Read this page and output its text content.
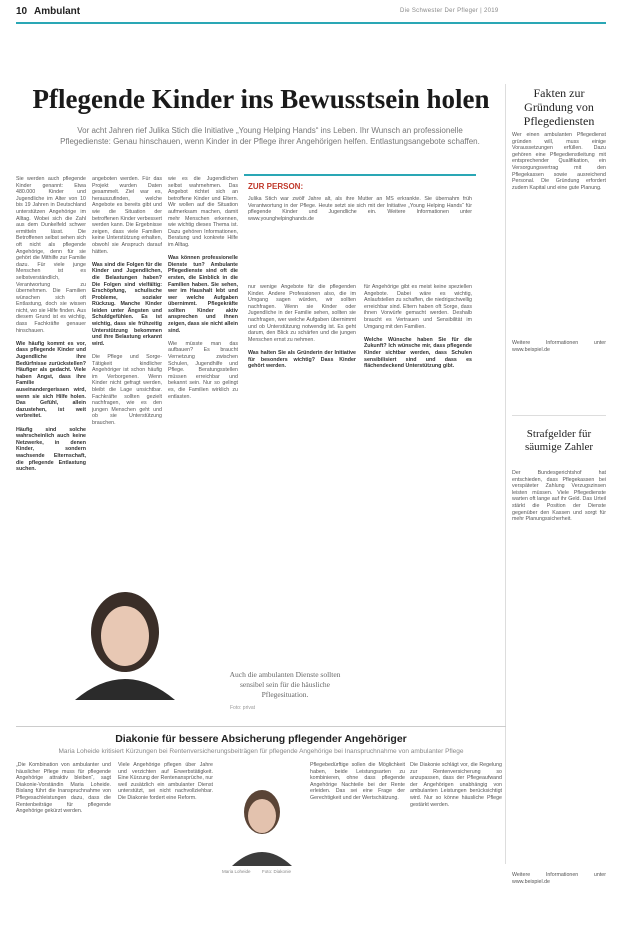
10 Ambulant	Die Schwester Der Pfleger | 2019
Pflegende Kinder ins Bewusstsein holen
Vor acht Jahren rief Julika Stich die Initiative „Young Helping Hands“ ins Leben. Ihr Wunsch an professionelle Pflegedienste: Genau hinschauen, wenn Kinder in der Pflege ihrer Angehörigen helfen. Entlastungsangebote schaffen.
Sie werden auch pflegende Kinder genannt: Etwa 480.000 Kinder und Jugendliche im Alter von 10 bis 19 Jahren in Deutschland unterstützen Angehörige im Alltag. Wobei sich die Zahl aus dem Dunkelfeld schwer ermitteln lässt. Die Betroffenen selbst sehen sich oft nicht als pflegende Angehörige, denn für sie gehört die Mithilfe zur Familie dazu. Für viele junge Menschen ist es selbstverständlich, Verantwortung zu übernehmen. Die Familien wünschen sich oft Entlastung, doch sie wissen nicht, wo sie Hilfe finden. Aus diesem Grund ist es wichtig, dass Fachkräfte genauer hinschauen.

Wie häufig kommt es vor, dass pflegende Kinder und Jugendliche ihre Bedürfnisse zurückstellen? Häufiger als gedacht. Viele haben Angst, dass ihre Familie auseinandergerissen wird, wenn sie sich Hilfe holen. Das Gefühl, allein dazustehen, ist weit verbreitet.

Häufig sind solche wahrscheinlich auch keine Netzwerke, in denen Kinder, sondern wachsende Elternschaft, die pflegende Entlastung suchen.
angeboten werden. Für das Projekt wurden Daten gesammelt. Ziel war es, herauszufinden, welche Angebote es bereits gibt und wie die Situation der betroffenen Kinder verbessert werden kann. Die Ergebnisse zeigen, dass viele Familien keine Unterstützung erhalten, obwohl sie Anspruch darauf hätten.

Was sind die Folgen für die Kinder und Jugendlichen, die Belastungen haben? Die Folgen sind vielfältig: Erschöpfung, schulische Probleme, sozialer Rückzug. Manche Kinder leiden unter Ängsten und Schuldgefühlen. Es ist wichtig, dass sie frühzeitig Unterstützung bekommen und ihre Belastung erkannt wird.

Die Pflege und Sorge-Tätigkeit kindlicher Angehöriger ist schon häufig im Verborgenen. Wenn Kinder nicht gefragt werden, bleibt die Lage unsichtbar. Fachkräfte sollten gezielt nachfragen, wie es den jungen Menschen geht und ob sie Unterstützung brauchen.
wie es die Jugendlichen selbst wahrnehmen. Das Angebot richtet sich an betroffene Kinder und Eltern. Wir wollen auf die Situation aufmerksam machen, damit mehr Menschen erkennen, wie wichtig dieses Thema ist. Dazu gehören Informationen, Beratung und konkrete Hilfe im Alltag.

Was können professionelle Dienste tun? Ambulante Pflegedienste sind oft die ersten, die Einblick in die Familien haben. Sie sehen, wer im Haushalt lebt und wer welche Aufgaben übernimmt. Pflegekräfte sollten Kinder aktiv ansprechen und ihnen zeigen, dass sie nicht allein sind.

Wie müsste man das aufbauen? Es braucht Vernetzung zwischen Schulen, Jugendhilfe und Pflege. Beratungsstellen müssen erreichbar und bekannt sein. Nur so gelingt es, die Familien wirklich zu entlasten.
ZUR PERSON:
Julika Stich war zwölf Jahre alt, als ihre Mutter an MS erkrankte. Sie übernahm früh Verantwortung in der Pflege. Heute setzt sie sich mit der Initiative „Young Helping Hands“ für pflegende Kinder und Jugendliche ein. Weitere Informationen unter www.younghelpinghands.de
nur wenige Angebote für die pflegenden Kinder. Andere Professionen also, die im Umgang sagen würden, wir sollten nachfragen. Wenn sie Kinder oder Jugendliche in der Familie sehen, sollten sie nachfragen, wer welche Aufgaben übernimmt und ob Unterstützung notwendig ist. Es geht darum, den Blick zu schärfen und die jungen Menschen ernst zu nehmen.

Was halten Sie als Gründerin der Initiative für besonders wichtig? Dass Kinder gehört werden.
für Angehörige gibt es meist keine speziellen Angebote. Dabei wäre es wichtig, Anlaufstellen zu schaffen, die niedrigschwellig erreichbar sind. Eltern haben oft Sorge, dass ihnen Vorwürfe gemacht werden. Deshalb braucht es Vertrauen und Sensibilität im Umgang mit den Familien.

Welche Wünsche haben Sie für die Zukunft? Ich wünsche mir, dass pflegende Kinder sichtbar werden, dass Schulen sensibilisiert sind und dass es flächendeckend Unterstützung gibt.
Auch die ambulanten Dienste sollten sensibel sein für die häusliche Pflegesituation.
Foto: privat
Fakten zur Gründung von Pflegediensten
Wer einen ambulanten Pflegedienst gründen will, muss einige Voraussetzungen erfüllen. Dazu gehören eine Pflegedienstleitung mit entsprechender Qualifikation, ein Versorgungsvertrag mit den Pflegekassen sowie ausreichend Personal. Die Gründung erfordert zudem Kapital und eine gute Planung.
Weitere Informationen unter www.beispiel.de
Strafgelder für säumige Zahler
Der Bundesgerichtshof hat entschieden, dass Pflegekassen bei verspäteter Zahlung Verzugszinsen leisten müssen. Viele Pflegedienste warten oft lange auf ihr Geld. Das Urteil stärkt die Position der Dienste gegenüber den Kassen und sorgt für mehr Planungssicherheit.
Weitere Informationen unter www.beispiel.de
Diakonie für bessere Absicherung pflegender Angehöriger
Maria Loheide kritisiert Kürzungen bei Rentenversicherungsbeiträgen für pflegende Angehörige bei Inanspruchnahme von ambulanter Pflege
„Die Kombination von ambulanter und häuslicher Pflege muss für pflegende Angehörige attraktiv bleiben“, sagt Diakonie-Vorständin Maria Loheide. Bislang führt die Inanspruchnahme von Pflegesachleistungen dazu, dass die Rentenbeiträge für pflegende Angehörige gekürzt werden.
Viele Angehörige pflegen über Jahre und verzichten auf Erwerbstätigkeit. Eine Kürzung der Rentenansprüche, nur weil zusätzlich ein ambulanter Dienst unterstützt, sei nicht nachvollziehbar. Die Diakonie fordert eine Reform.
Maria Loheide	Foto: Diakonie
Pflegebedürftige sollen die Möglichkeit haben, beide Leistungsarten zu kombinieren, ohne dass pflegende Angehörige Nachteile bei der Rente erleiden. Das sei eine Frage der Gerechtigkeit und der Wertschätzung.
Die Diakonie schlägt vor, die Regelung zur Rentenversicherung so anzupassen, dass der Pflegeaufwand der Angehörigen unabhängig von ambulanten Leistungen berücksichtigt wird. Nur so könne häusliche Pflege gestärkt werden.
